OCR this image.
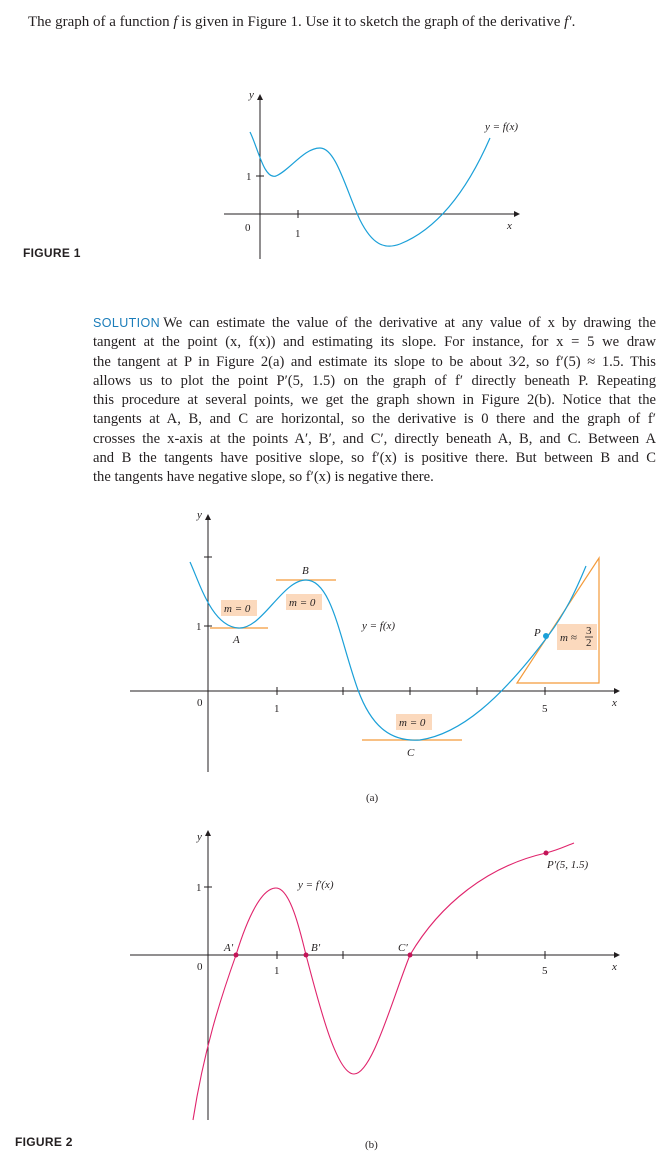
The graph of a function f is given in Figure 1. Use it to sketch the graph of the derivative f′.
y
x
0	1
1
y = f(x)
FIGURE 1
SOLUTION We can estimate the value of the derivative at any value of x by drawing the
tangent at the point (x, f(x)) and estimating its slope. For instance, for x = 5 we draw
the tangent at P in Figure 2(a) and estimate its slope to be about 3⁄2, so f′(5) ≈ 1.5. This
allows us to plot the point P′(5, 1.5) on the graph of f′ directly beneath P. Repeating
this procedure at several points, we get the graph shown in Figure 2(b). Notice that the
tangents at A, B, and C are horizontal, so the derivative is 0 there and the graph of f′
crosses the x-axis at the points A′, B′, and C′, directly beneath A, B, and C. Between A
and B the tangents have positive slope, so f′(x) is positive there. But between B and C
the tangents have negative slope, so f′(x) is negative there.
m = 0	m = 0
m = 0
m ≈
3
2
y
x
0	1	5
1
A
B
C
P
y = f(x)
(a)
y
x
0	1	5
1
A′	B′	C′
P′(5, 1.5)
y = f′(x)
(b)
FIGURE 2
